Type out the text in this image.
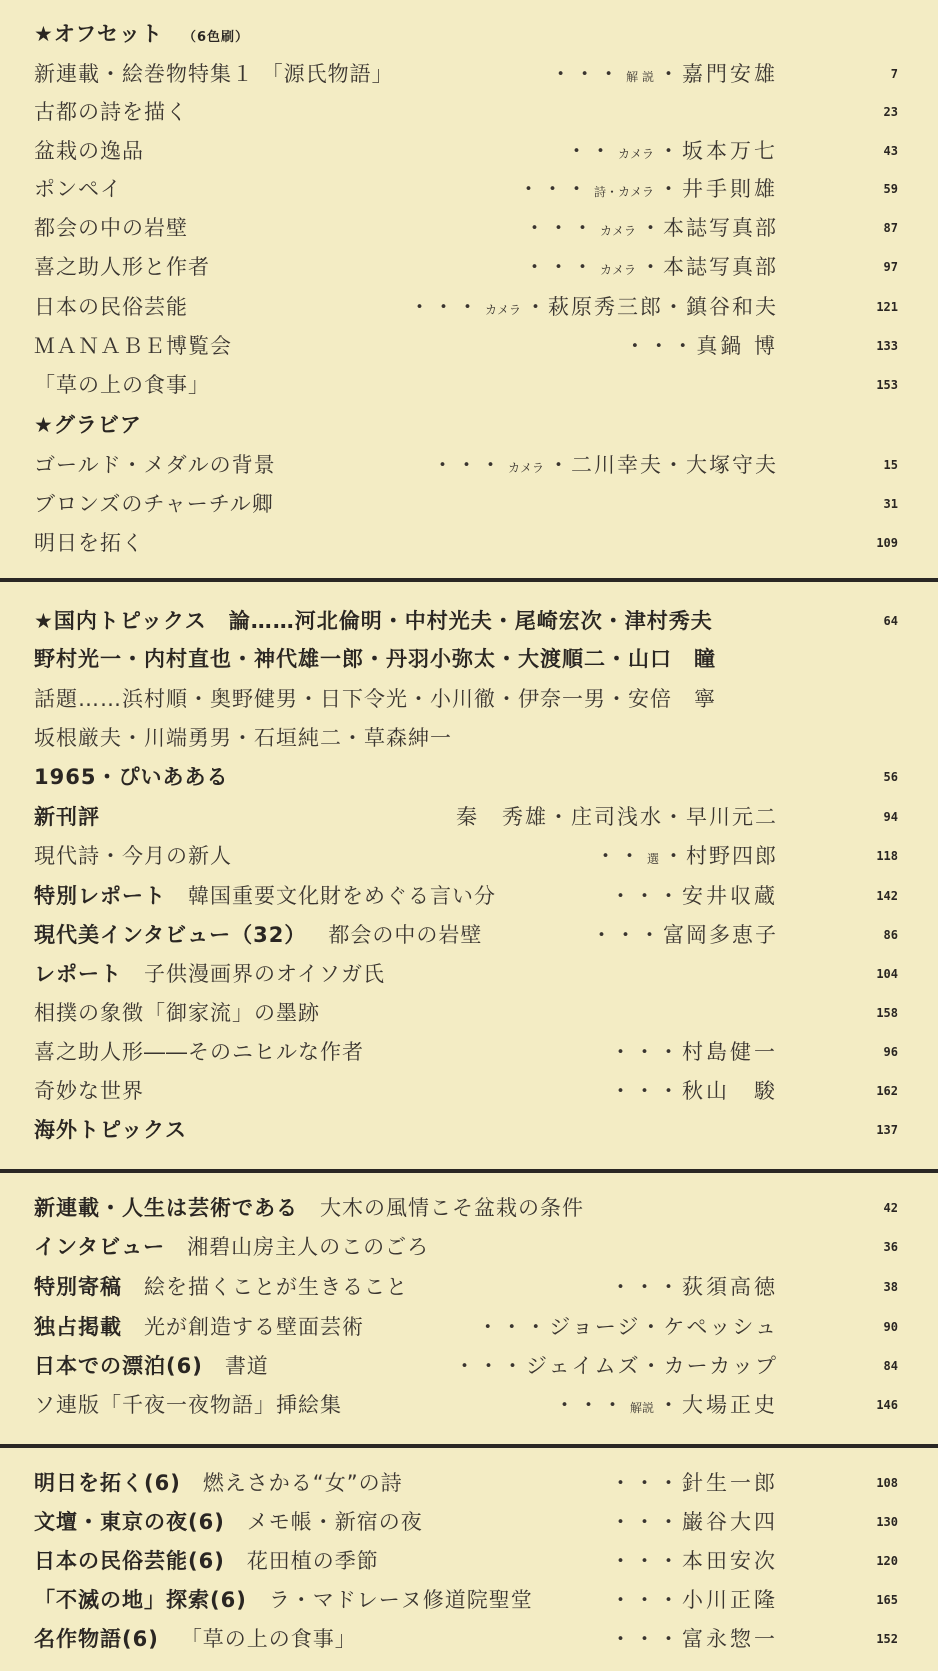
★オフセット （6色刷）
新連載・絵巻物特集１ 「源氏物語」	・・・ 解 説 ・嘉門安雄	7
古都の詩を描く	23
盆栽の逸品	・・ カメラ ・坂本万七	43
ポンペイ	・・・ 詩・カメラ ・井手則雄	59
都会の中の岩壁	・・・ カメラ ・本誌写真部	87
喜之助人形と作者	・・・ カメラ ・本誌写真部	97
日本の民俗芸能	・・・ カメラ ・萩原秀三郎・鎮谷和夫	121
ＭＡＮＡＢＥ博覧会	・・・真鍋 博	133
「草の上の食事」	153
★グラビア
ゴールド・メダルの背景	・・・ カメラ ・二川幸夫・大塚守夫	15
ブロンズのチャーチル卿	31
明日を拓く	109
★国内トピックス　論……河北倫明・中村光夫・尾崎宏次・津村秀夫	64
野村光一・内村直也・神代雄一郎・丹羽小弥太・大渡順二・山口　瞳
話題……浜村順・奥野健男・日下令光・小川徹・伊奈一男・安倍　寧
坂根厳夫・川端勇男・石垣純二・草森紳一
1965・ぴいあある	56
新刊評	秦　秀雄・庄司浅水・早川元二	94
現代詩・今月の新人	・・ 選 ・村野四郎	118
特別レポート 韓国重要文化財をめぐる言い分	・・・安井収蔵	142
現代美インタビュー（32） 都会の中の岩壁	・・・富岡多恵子	86
レポート 子供漫画界のオイソガ氏	104
相撲の象徴「御家流」の墨跡	158
喜之助人形――そのニヒルな作者	・・・村島健一	96
奇妙な世界	・・・秋山　駿	162
海外トピックス	137
新連載・人生は芸術である 大木の風情こそ盆栽の条件	42
インタビュー 湘碧山房主人のこのごろ	36
特別寄稿 絵を描くことが生きること	・・・荻須高徳	38
独占掲載 光が創造する壁面芸術	・・・ジョージ・ケペッシュ	90
日本での漂泊(6) 書道	・・・ジェイムズ・カーカップ	84
ソ連版「千夜一夜物語」挿絵集	・・・ 解説 ・大場正史	146
明日を拓く(6) 燃えさかる“女”の詩	・・・針生一郎	108
文壇・東京の夜(6) メモ帳・新宿の夜	・・・巌谷大四	130
日本の民俗芸能(6) 花田植の季節	・・・本田安次	120
「不滅の地」探索(6) ラ・マドレーヌ修道院聖堂	・・・小川正隆	165
名作物語(6) 「草の上の食事」	・・・富永惣一	152
